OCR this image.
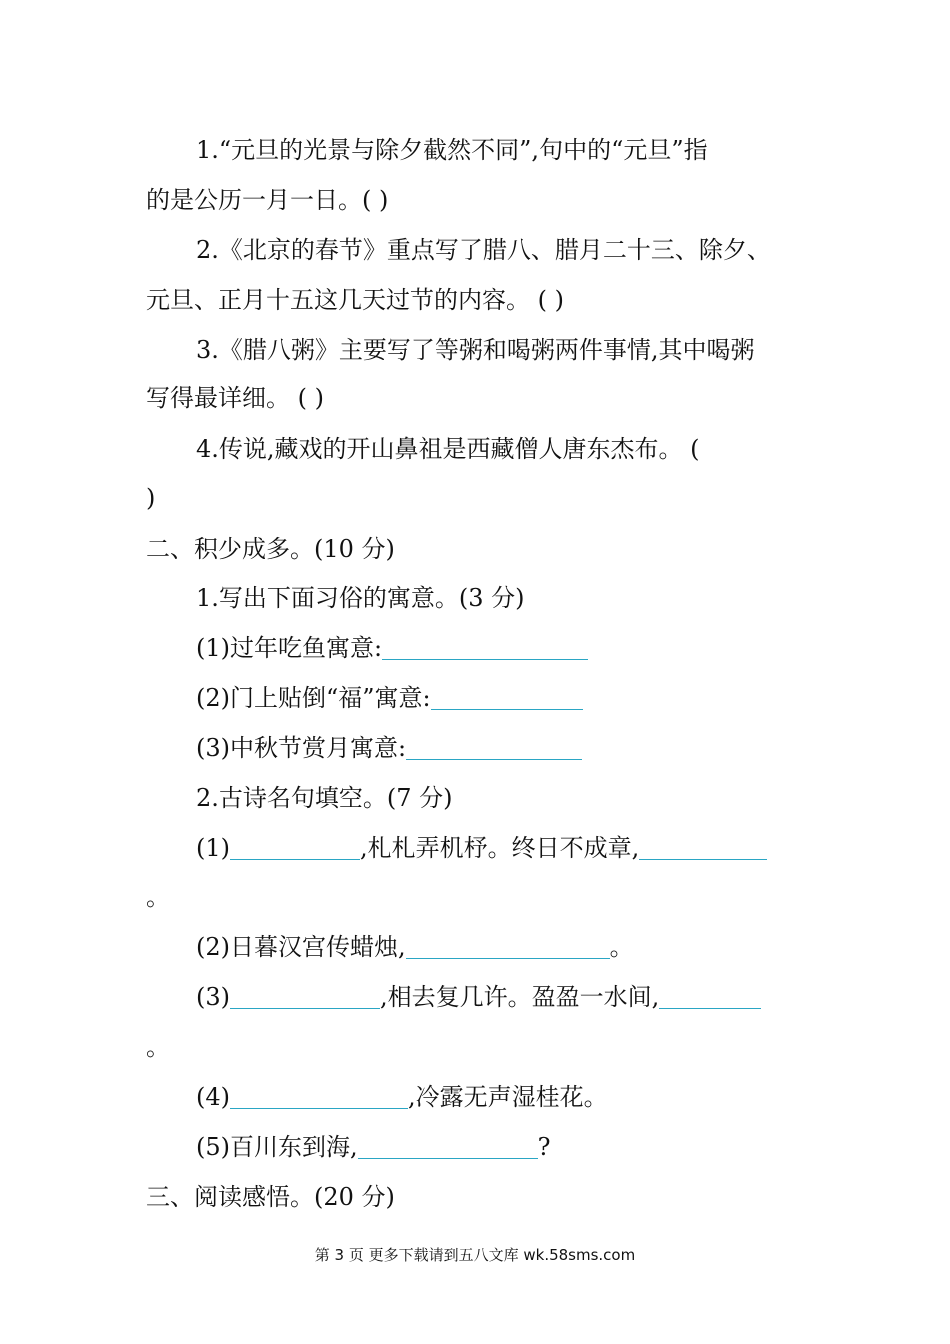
1.“元旦的光景与除夕截然不同”,句中的“元旦”指
的是公历一月一日。( )
2.《北京的春节》重点写了腊八、腊月二十三、除夕、
元旦、正月十五这几天过节的内容。 ( )
3.《腊八粥》主要写了等粥和喝粥两件事情,其中喝粥
写得最详细。 ( )
4.传说,藏戏的开山鼻祖是西藏僧人唐东杰布。 (
)
二、积少成多。(10 分)
1.写出下面习俗的寓意。(3 分)
(1)过年吃鱼寓意:
(2)门上贴倒“福”寓意:
(3)中秋节赏月寓意:
2.古诗名句填空。(7 分)
(1)	,札札弄机杼。终日不成章,
。
(2)日暮汉宫传蜡烛,	。
(3)	,相去复几许。盈盈一水间,
。
(4)	,冷露无声湿桂花。
(5)百川东到海,	?
三、阅读感悟。(20 分)
第 3 页 更多下载请到五八文库 wk.58sms.com
